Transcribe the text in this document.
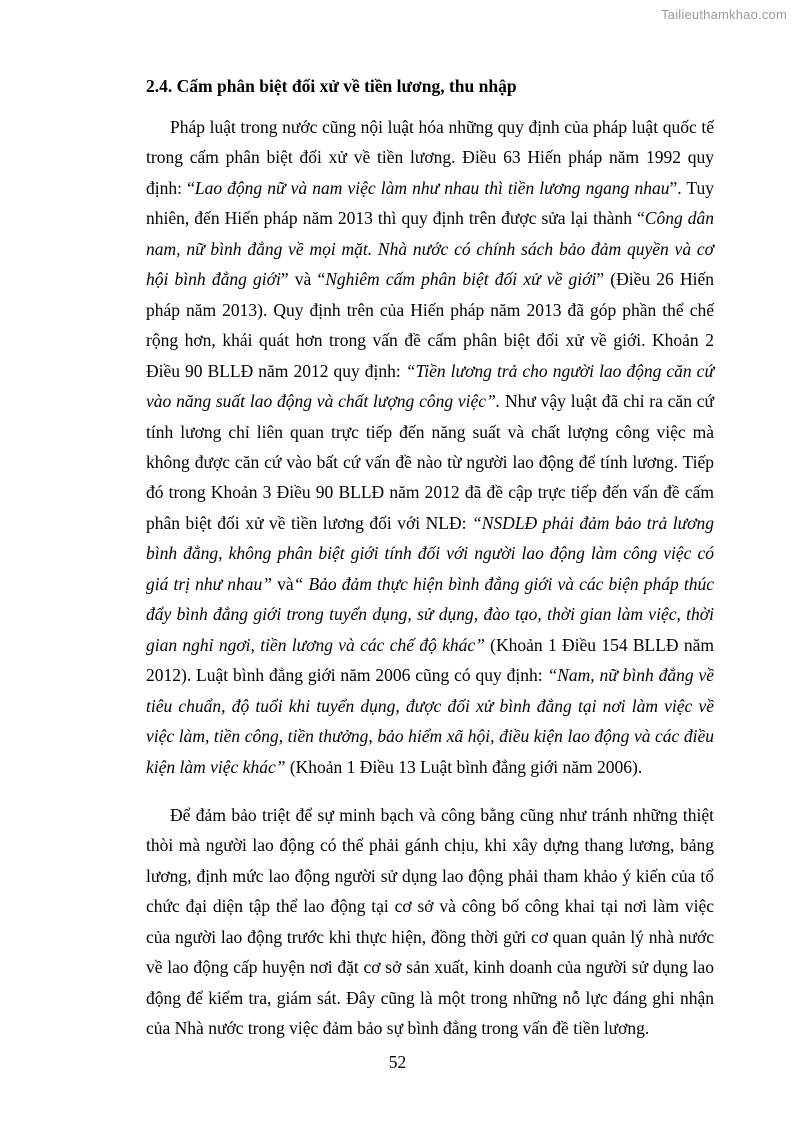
Tailieuthamkhao.com
2.4. Cấm phân biệt đối xử về tiền lương, thu nhập

Pháp luật trong nước cũng nội luật hóa những quy định của pháp luật quốc tế trong cấm phân biệt đối xử về tiền lương. Điều 63 Hiến pháp năm 1992 quy định: “Lao động nữ và nam việc làm như nhau thì tiền lương ngang nhau”. Tuy nhiên, đến Hiến pháp năm 2013 thì quy định trên được sửa lại thành “Công dân nam, nữ bình đẳng về mọi mặt. Nhà nước có chính sách bảo đảm quyền và cơ hội bình đẳng giới” và “Nghiêm cấm phân biệt đối xử về giới” (Điều 26 Hiến pháp năm 2013). Quy định trên của Hiến pháp năm 2013 đã góp phần thể chế rộng hơn, khái quát hơn trong vấn đề cấm phân biệt đối xử về giới. Khoản 2 Điều 90 BLLĐ năm 2012 quy định: “Tiền lương trả cho người lao động căn cứ vào năng suất lao động và chất lượng công việc”. Như vậy luật đã chỉ ra căn cứ tính lương chỉ liên quan trực tiếp đến năng suất và chất lượng công việc mà không được căn cứ vào bất cứ vấn đề nào từ người lao động để tính lương. Tiếp đó trong Khoản 3 Điều 90 BLLĐ năm 2012 đã đề cập trực tiếp đến vấn đề cấm phân biệt đối xử về tiền lương đối với NLĐ: “NSDLĐ phải đảm bảo trả lương bình đẳng, không phân biệt giới tính đối với người lao động làm công việc có giá trị như nhau” và“ Bảo đảm thực hiện bình đẳng giới và các biện pháp thúc đẩy bình đẳng giới trong tuyển dụng, sử dụng, đào tạo, thời gian làm việc, thời gian nghỉ ngơi, tiền lương và các chế độ khác” (Khoản 1 Điều 154 BLLĐ năm 2012). Luật bình đẳng giới năm 2006 cũng có quy định: “Nam, nữ bình đẳng về tiêu chuẩn, độ tuổi khi tuyển dụng, được đối xử bình đẳng tại nơi làm việc về việc làm, tiền công, tiền thưởng, bảo hiểm xã hội, điều kiện lao động và các điều kiện làm việc khác” (Khoản 1 Điều 13 Luật bình đẳng giới năm 2006).

Để đảm bảo triệt để sự minh bạch và công bằng cũng như tránh những thiệt thòi mà người lao động có thể phải gánh chịu, khi xây dựng thang lương, bảng lương, định mức lao động người sử dụng lao động phải tham khảo ý kiến của tổ chức đại diện tập thể lao động tại cơ sở và công bố công khai tại nơi làm việc của người lao động trước khi thực hiện, đồng thời gửi cơ quan quản lý nhà nước về lao động cấp huyện nơi đặt cơ sở sản xuất, kinh doanh của người sử dụng lao động để kiểm tra, giám sát. Đây cũng là một trong những nỗ lực đáng ghi nhận của Nhà nước trong việc đảm bảo sự bình đẳng trong vấn đề tiền lương.

52
